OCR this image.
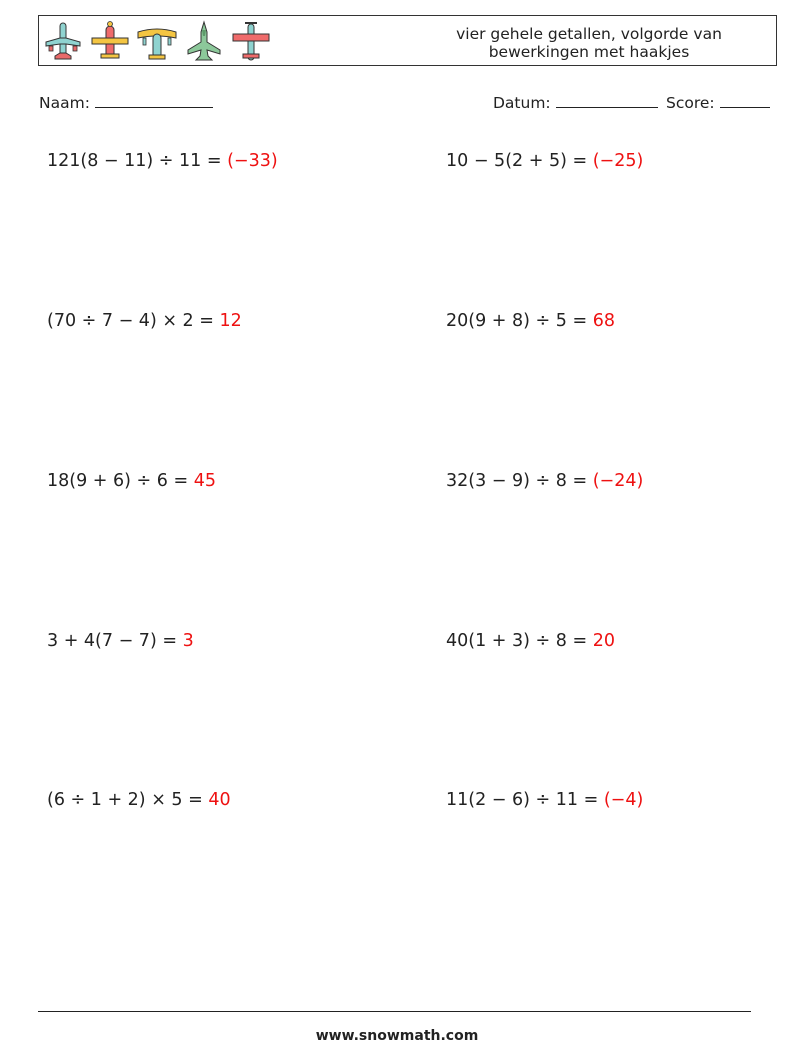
vier gehele getallen, volgorde van
bewerkingen met haakjes
Naam:	Datum:	Score:
121(8 − 11) ÷ 11 = (−33)	10 − 5(2 + 5) = (−25)
(70 ÷ 7 − 4) × 2 = 12	20(9 + 8) ÷ 5 = 68
18(9 + 6) ÷ 6 = 45	32(3 − 9) ÷ 8 = (−24)
3 + 4(7 − 7) = 3	40(1 + 3) ÷ 8 = 20
(6 ÷ 1 + 2) × 5 = 40	11(2 − 6) ÷ 11 = (−4)
www.snowmath.com
